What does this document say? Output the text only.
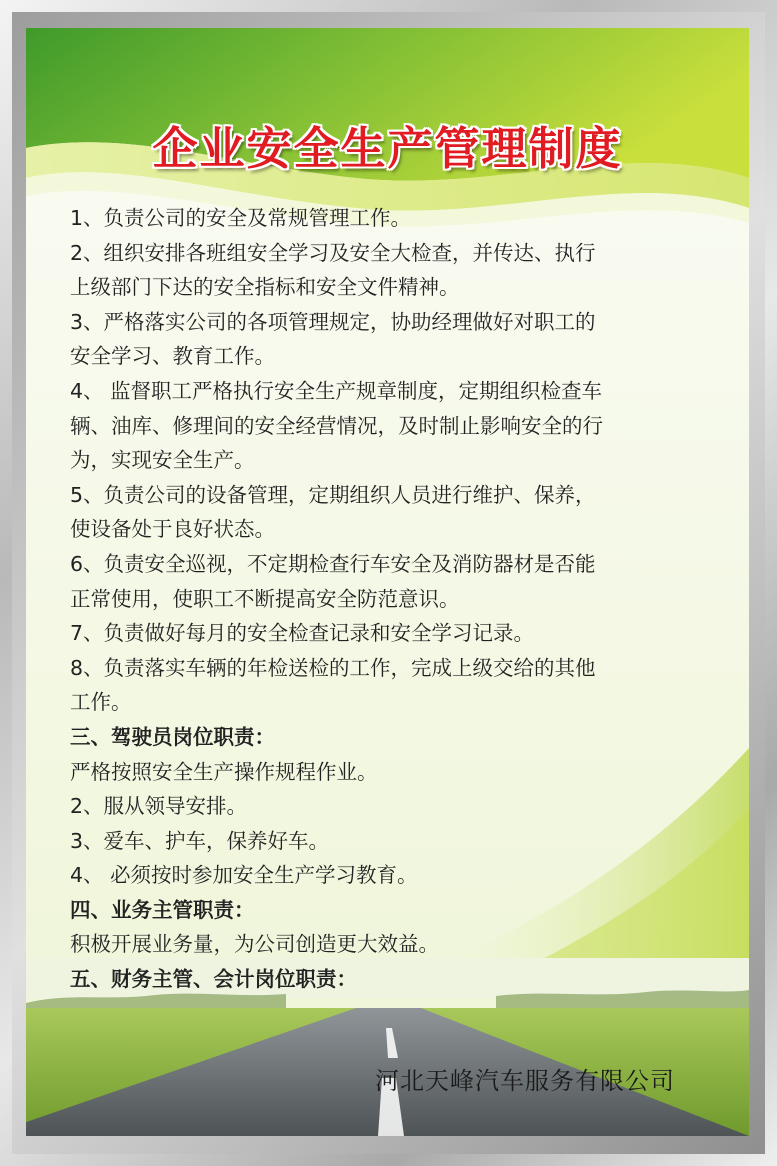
企业安全生产管理制度

1、负责公司的安全及常规管理工作。

2、组织安排各班组安全学习及安全大检查，并传达、执行

上级部门下达的安全指标和安全文件精神。

3、严格落实公司的各项管理规定，协助经理做好对职工的

安全学习、教育工作。

4、 监督职工严格执行安全生产规章制度，定期组织检查车

辆、油库、修理间的安全经营情况，及时制止影响安全的行

为，实现安全生产。

5、负责公司的设备管理，定期组织人员进行维护、保养，

使设备处于良好状态。

6、负责安全巡视，不定期检查行车安全及消防器材是否能

正常使用，使职工不断提高安全防范意识。

7、负责做好每月的安全检查记录和安全学习记录。

8、负责落实车辆的年检送检的工作，完成上级交给的其他

工作。

三、驾驶员岗位职责：

严格按照安全生产操作规程作业。

2、服从领导安排。

3、爱车、护车，保养好车。

4、 必须按时参加安全生产学习教育。

四、业务主管职责：

积极开展业务量，为公司创造更大效益。

五、财务主管、会计岗位职责：

河北天峰汽车服务有限公司
